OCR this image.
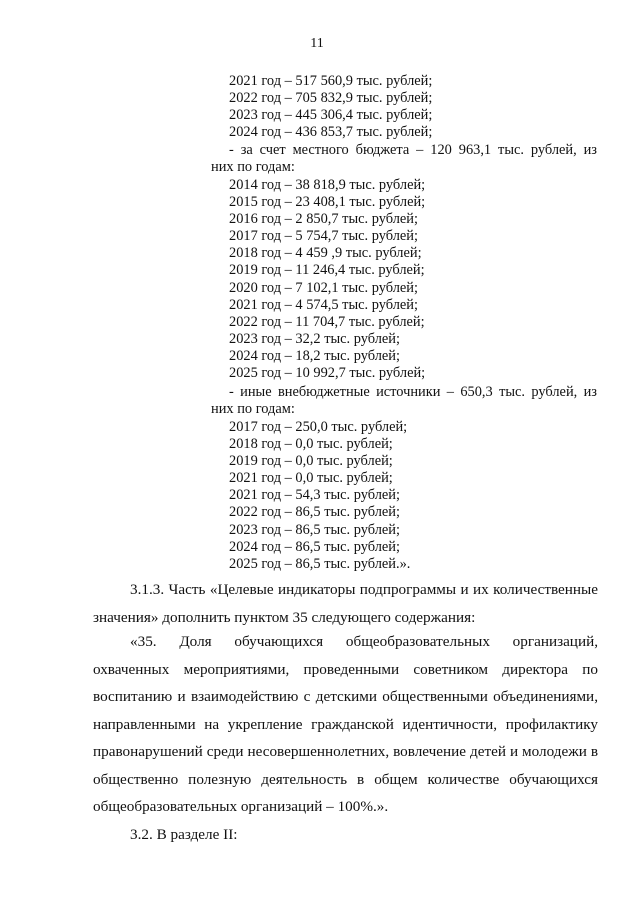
11
2021 год – 517 560,9 тыс. рублей;
2022 год – 705 832,9 тыс. рублей;
2023 год – 445 306,4 тыс. рублей;
2024 год – 436 853,7 тыс. рублей;
- за счет местного бюджета – 120 963,1 тыс. рублей, из
них по годам:
2014 год – 38 818,9 тыс. рублей;
2015 год – 23 408,1 тыс. рублей;
2016 год – 2 850,7 тыс. рублей;
2017 год – 5 754,7 тыс. рублей;
2018 год – 4 459 ,9 тыс. рублей;
2019 год – 11 246,4 тыс. рублей;
2020 год – 7 102,1 тыс. рублей;
2021 год – 4 574,5 тыс. рублей;
2022 год – 11 704,7 тыс. рублей;
2023 год – 32,2 тыс. рублей;
2024 год – 18,2 тыс. рублей;
2025 год – 10 992,7 тыс. рублей;
- иные внебюджетные источники – 650,3 тыс. рублей, из
них по годам:
2017 год – 250,0 тыс. рублей;
2018 год – 0,0 тыс. рублей;
2019 год – 0,0 тыс. рублей;
2021 год – 0,0 тыс. рублей;
2021 год – 54,3 тыс. рублей;
2022 год – 86,5 тыс. рублей;
2023 год – 86,5 тыс. рублей;
2024 год – 86,5 тыс. рублей;
2025 год – 86,5 тыс. рублей.».
3.1.3. Часть «Целевые индикаторы подпрограммы и их количественные
значения» дополнить пунктом 35 следующего содержания:
«35. Доля обучающихся общеобразовательных организаций,
охваченных мероприятиями, проведенными советником директора по
воспитанию и взаимодействию с детскими общественными объединениями,
направленными на укрепление гражданской идентичности, профилактику
правонарушений среди несовершеннолетних, вовлечение детей и молодежи в
общественно полезную деятельность в общем количестве обучающихся
общеобразовательных организаций – 100%.».
3.2. В разделе II:
